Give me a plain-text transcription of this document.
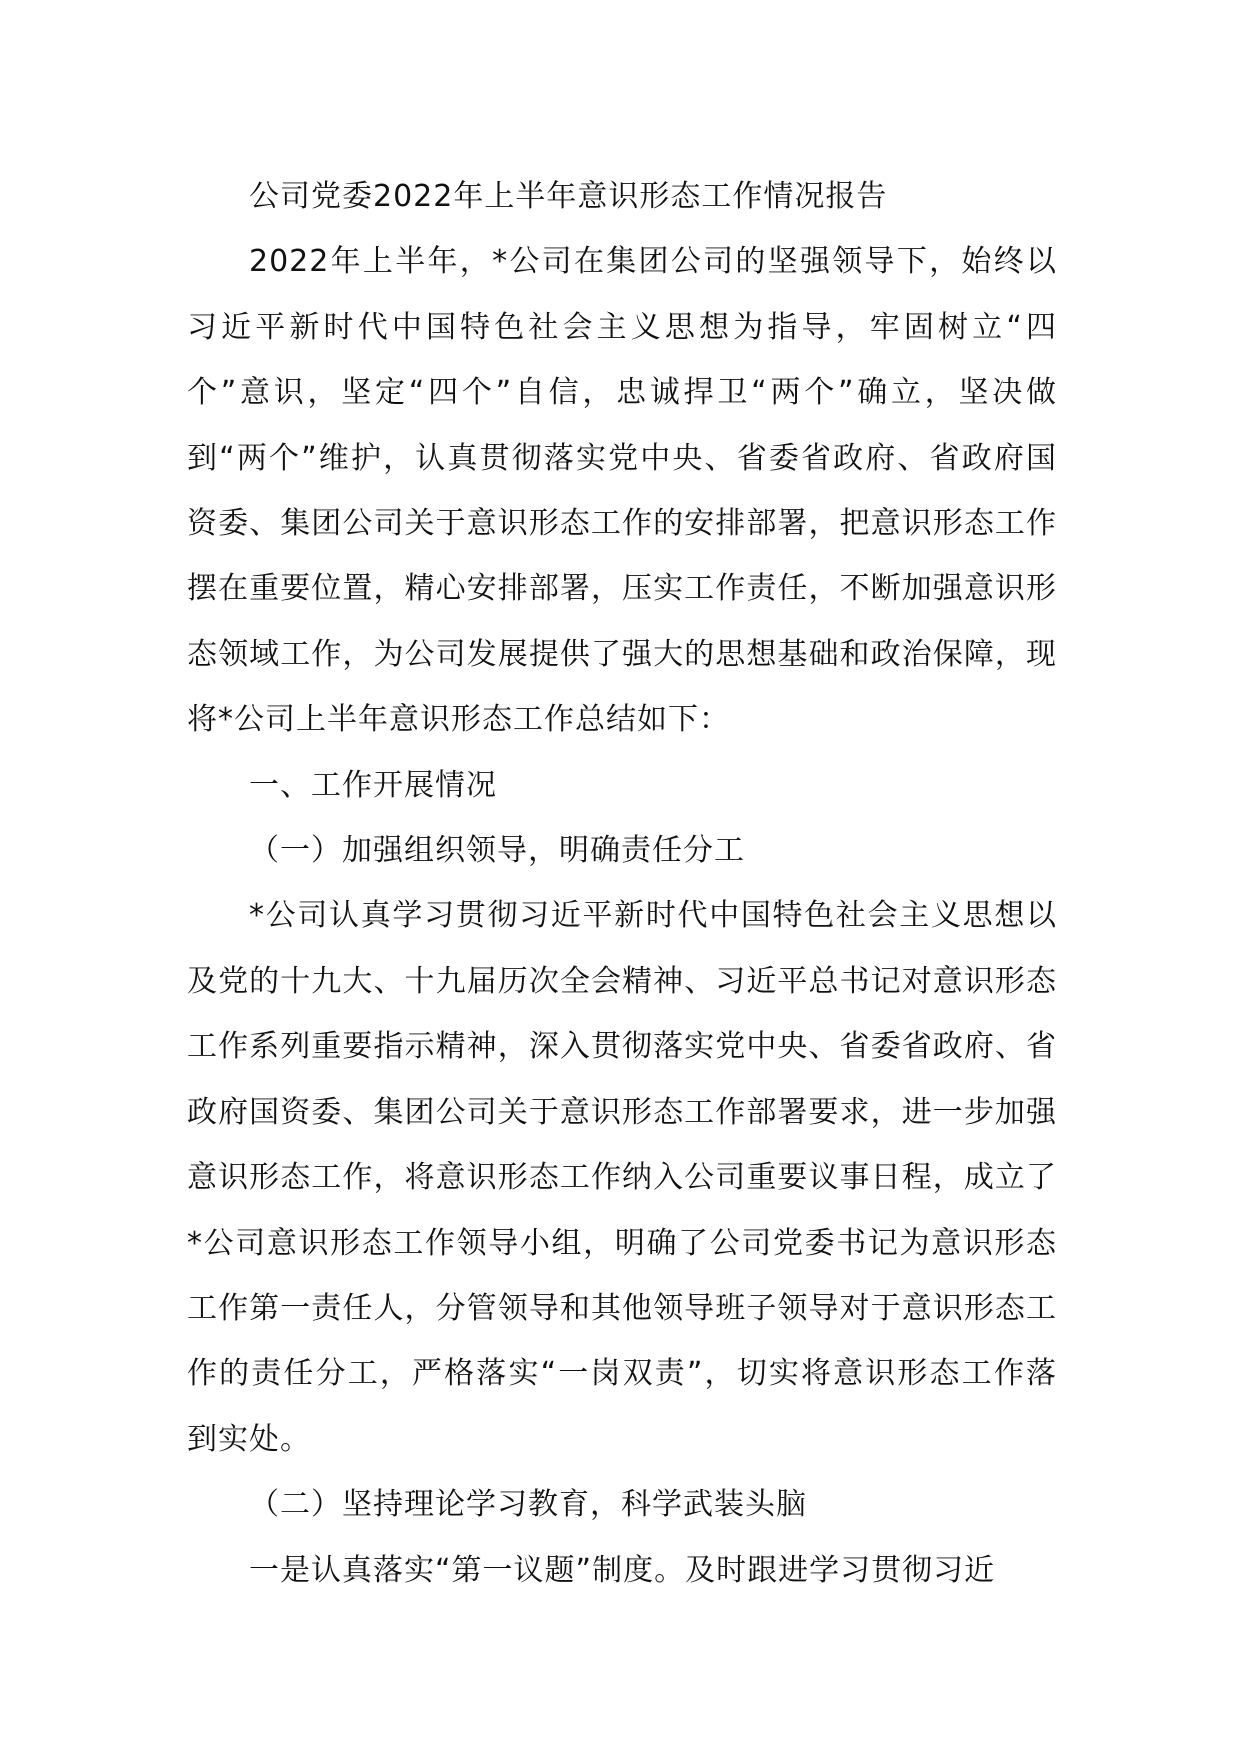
公司党委2022年上半年意识形态工作情况报告

2022年上半年，*公司在集团公司的坚强领导下，始终以习近平新时代中国特色社会主义思想为指导，牢固树立“四个”意识，坚定“四个”自信，忠诚捍卫“两个”确立，坚决做到“两个”维护，认真贯彻落实党中央、省委省政府、省政府国资委、集团公司关于意识形态工作的安排部署，把意识形态工作摆在重要位置，精心安排部署，压实工作责任，不断加强意识形态领域工作，为公司发展提供了强大的思想基础和政治保障，现将*公司上半年意识形态工作总结如下：

一、工作开展情况

（一）加强组织领导，明确责任分工

*公司认真学习贯彻习近平新时代中国特色社会主义思想以及党的十九大、十九届历次全会精神、习近平总书记对意识形态工作系列重要指示精神，深入贯彻落实党中央、省委省政府、省政府国资委、集团公司关于意识形态工作部署要求，进一步加强意识形态工作，将意识形态工作纳入公司重要议事日程，成立了*公司意识形态工作领导小组，明确了公司党委书记为意识形态工作第一责任人，分管领导和其他领导班子领导对于意识形态工作的责任分工，严格落实“一岗双责”，切实将意识形态工作落到实处。

（二）坚持理论学习教育，科学武装头脑

一是认真落实“第一议题”制度。及时跟进学习贯彻习近
